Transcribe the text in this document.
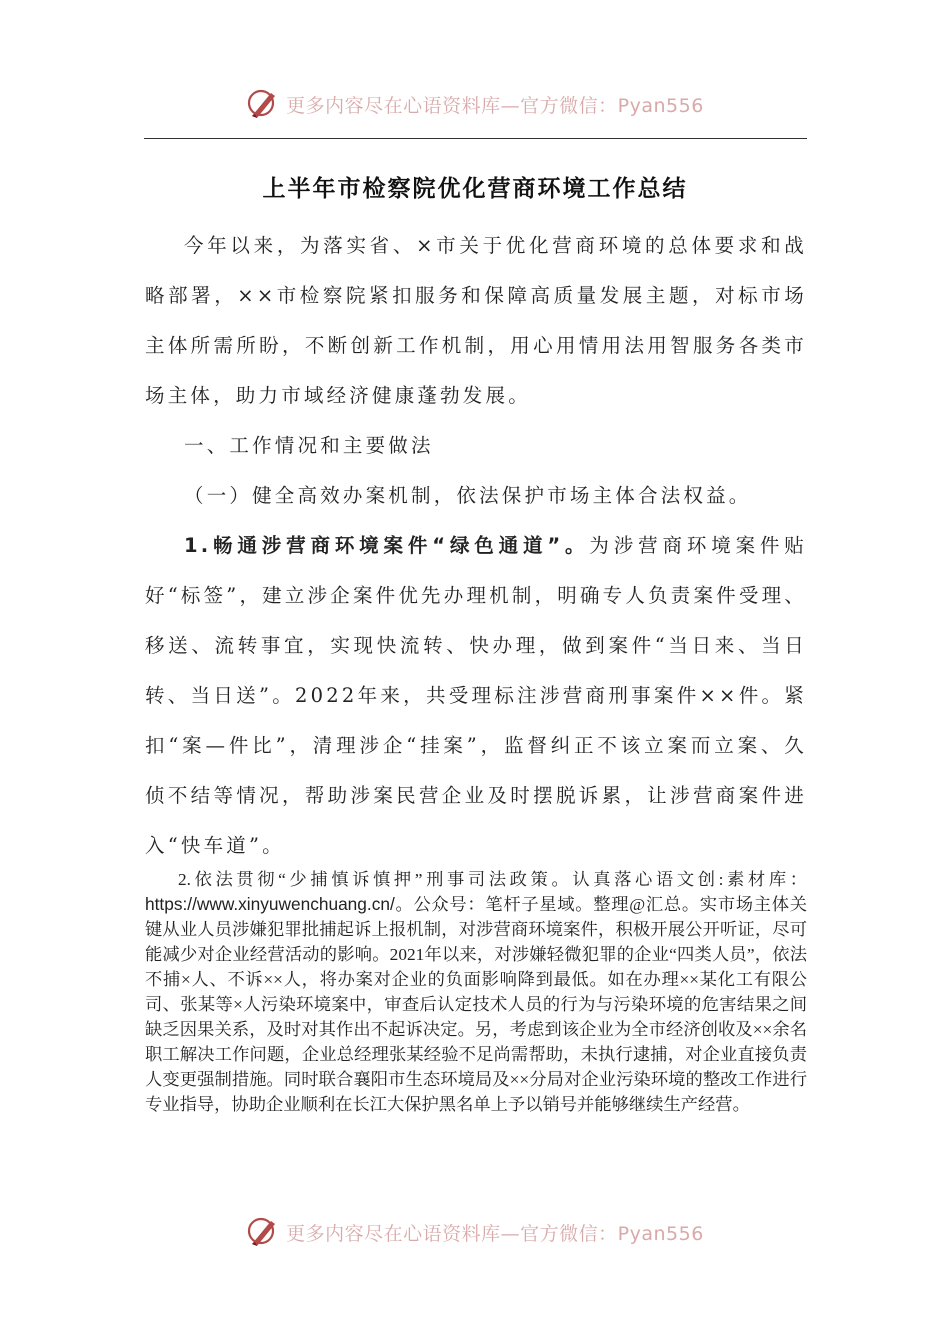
更多内容尽在心语资料库—官方微信：Pyan556
上半年市检察院优化营商环境工作总结
今年以来，为落实省、×市关于优化营商环境的总体要求和战略部署，××市检察院紧扣服务和保障高质量发展主题，对标市场主体所需所盼，不断创新工作机制，用心用情用法用智服务各类市场主体，助力市域经济健康蓬勃发展。
一、工作情况和主要做法
（一）健全高效办案机制，依法保护市场主体合法权益。
1.畅通涉营商环境案件“绿色通道”。为涉营商环境案件贴好“标签”，建立涉企案件优先办理机制，明确专人负责案件受理、移送、流转事宜，实现快流转、快办理，做到案件“当日来、当日转、当日送”。2022年来，共受理标注涉营商刑事案件××件。紧扣“案—件比”，清理涉企“挂案”，监督纠正不该立案而立案、久侦不结等情况，帮助涉案民营企业及时摆脱诉累，让涉营商案件进入“快车道”。
2.依法贯彻“少捕慎诉慎押”刑事司法政策。认真落心语文创:素材库：https://www.xinyuwenchuang.cn/。公众号：笔杆子星域。整理@汇总。实市场主体关键从业人员涉嫌犯罪批捕起诉上报机制，对涉营商环境案件，积极开展公开听证，尽可能减少对企业经营活动的影响。2021年以来，对涉嫌轻微犯罪的企业“四类人员”，依法不捕×人、不诉××人，将办案对企业的负面影响降到最低。如在办理××某化工有限公司、张某等×人污染环境案中，审查后认定技术人员的行为与污染环境的危害结果之间缺乏因果关系，及时对其作出不起诉决定。另，考虑到该企业为全市经济创收及××余名职工解决工作问题，企业总经理张某经验不足尚需帮助，未执行逮捕，对企业直接负责人变更强制措施。同时联合襄阳市生态环境局及××分局对企业污染环境的整改工作进行专业指导，协助企业顺利在长江大保护黑名单上予以销号并能够继续生产经营。
更多内容尽在心语资料库—官方微信：Pyan556
